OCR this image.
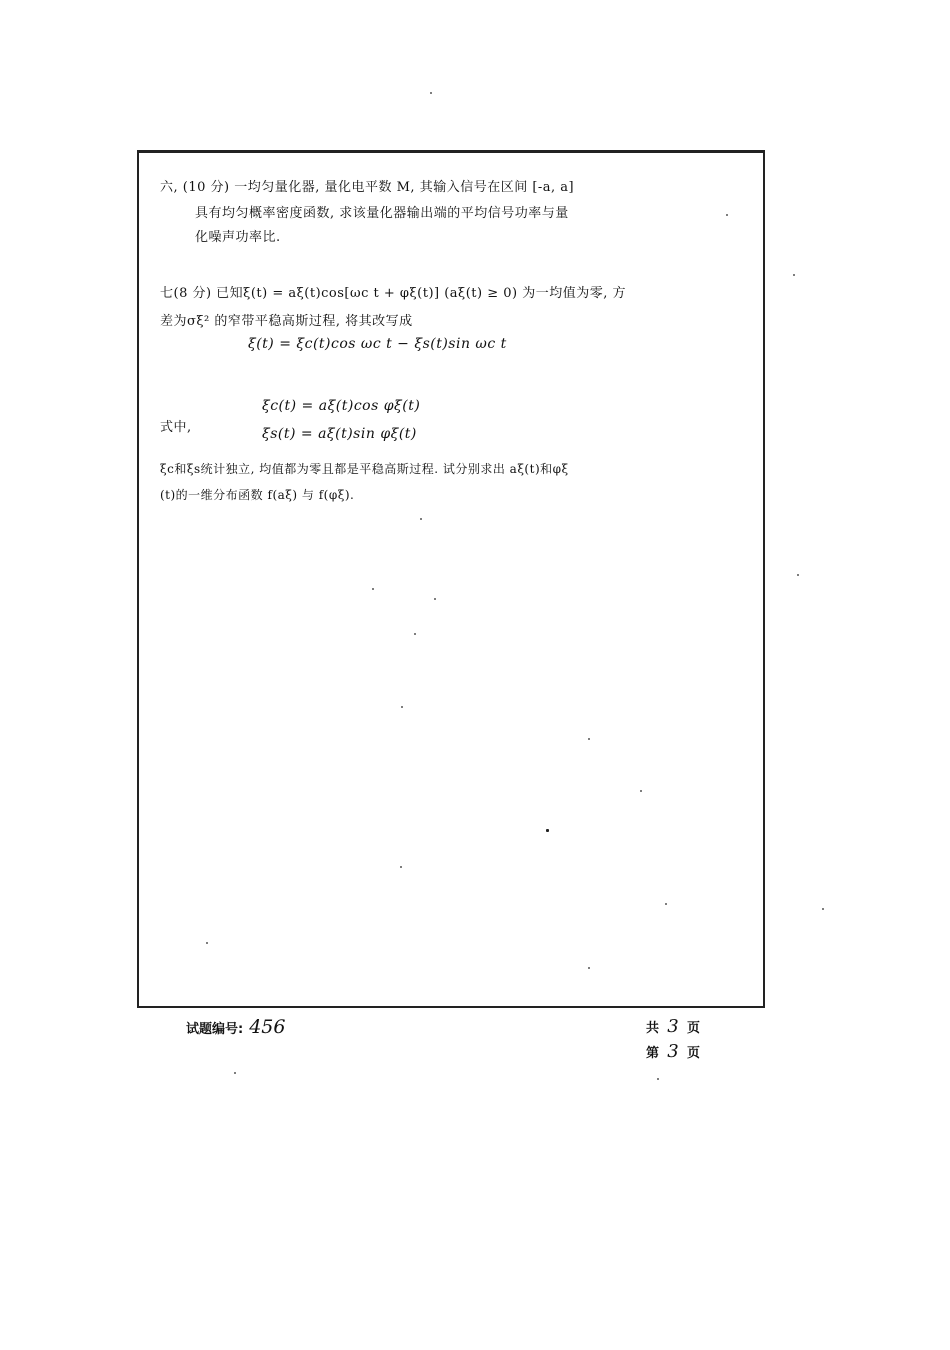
六, (10 分) 一均匀量化器, 量化电平数 M, 其输入信号在区间 [-a, a]
具有均匀概率密度函数, 求该量化器输出端的平均信号功率与量
化噪声功率比.
七(8 分) 已知ξ(t) = aξ(t)cos[ωc t + φξ(t)] (aξ(t) ≥ 0) 为一均值为零, 方
差为σξ² 的窄带平稳高斯过程, 将其改写成
ξ(t) = ξc(t)cos ωc t − ξs(t)sin ωc t
式中,
ξc(t) = aξ(t)cos φξ(t)
ξs(t) = aξ(t)sin φξ(t)
ξc和ξs统计独立, 均值都为零且都是平稳高斯过程. 试分别求出 aξ(t)和φξ
(t)的一维分布函数 f(aξ) 与 f(φξ).
试题编号: 456	共 3 页
第 3 页
